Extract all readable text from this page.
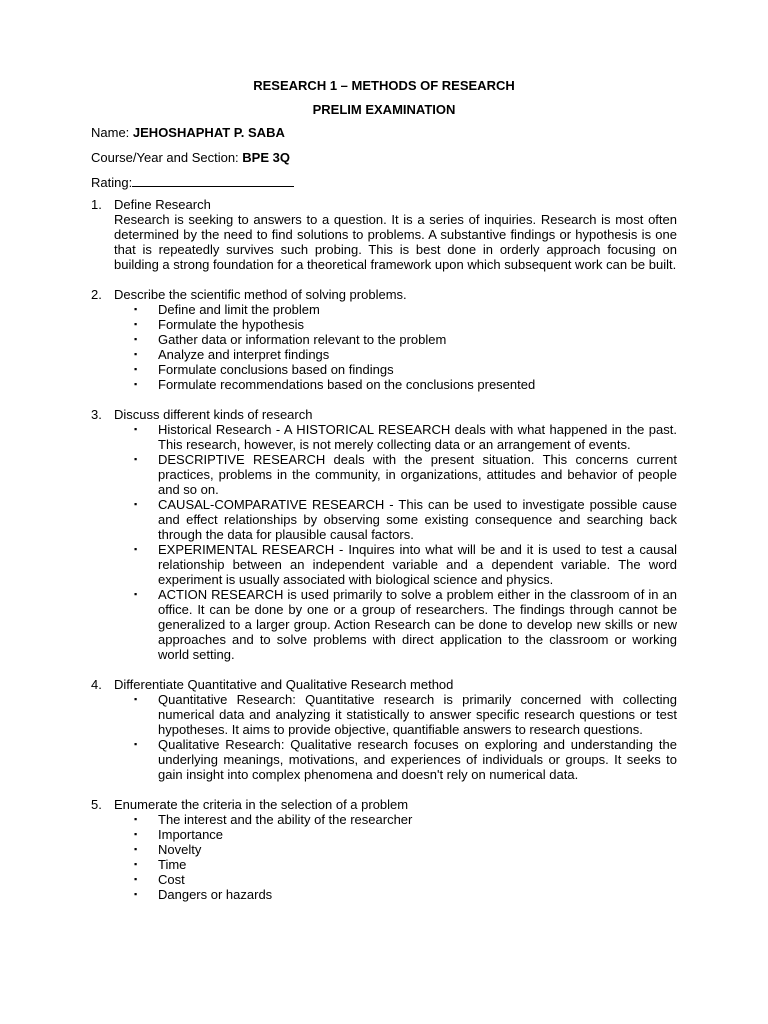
RESEARCH 1 – METHODS OF RESEARCH
PRELIM EXAMINATION
Name: JEHOSHAPHAT P. SABA
Course/Year and Section: BPE 3Q
Rating:
1. Define Research
Research is seeking to answers to a question. It is a series of inquiries. Research is most often determined by the need to find solutions to problems. A substantive findings or hypothesis is one that is repeatedly survives such probing. This is best done in orderly approach focusing on building a strong foundation for a theoretical framework upon which subsequent work can be built.
2. Describe the scientific method of solving problems.
▪ Define and limit the problem
▪ Formulate the hypothesis
▪ Gather data or information relevant to the problem
▪ Analyze and interpret findings
▪ Formulate conclusions based on findings
▪ Formulate recommendations based on the conclusions presented
3. Discuss different kinds of research
▪ Historical Research - A HISTORICAL RESEARCH deals with what happened in the past. This research, however, is not merely collecting data or an arrangement of events.
▪ DESCRIPTIVE RESEARCH deals with the present situation. This concerns current practices, problems in the community, in organizations, attitudes and behavior of people and so on.
▪ CAUSAL-COMPARATIVE RESEARCH - This can be used to investigate possible cause and effect relationships by observing some existing consequence and searching back through the data for plausible causal factors.
▪ EXPERIMENTAL RESEARCH - Inquires into what will be and it is used to test a causal relationship between an independent variable and a dependent variable. The word experiment is usually associated with biological science and physics.
▪ ACTION RESEARCH is used primarily to solve a problem either in the classroom of in an office. It can be done by one or a group of researchers. The findings through cannot be generalized to a larger group. Action Research can be done to develop new skills or new approaches and to solve problems with direct application to the classroom or working world setting.
4. Differentiate Quantitative and Qualitative Research method
▪ Quantitative Research: Quantitative research is primarily concerned with collecting numerical data and analyzing it statistically to answer specific research questions or test hypotheses. It aims to provide objective, quantifiable answers to research questions.
▪ Qualitative Research: Qualitative research focuses on exploring and understanding the underlying meanings, motivations, and experiences of individuals or groups. It seeks to gain insight into complex phenomena and doesn't rely on numerical data.
5. Enumerate the criteria in the selection of a problem
▪ The interest and the ability of the researcher
▪ Importance
▪ Novelty
▪ Time
▪ Cost
▪ Dangers or hazards
